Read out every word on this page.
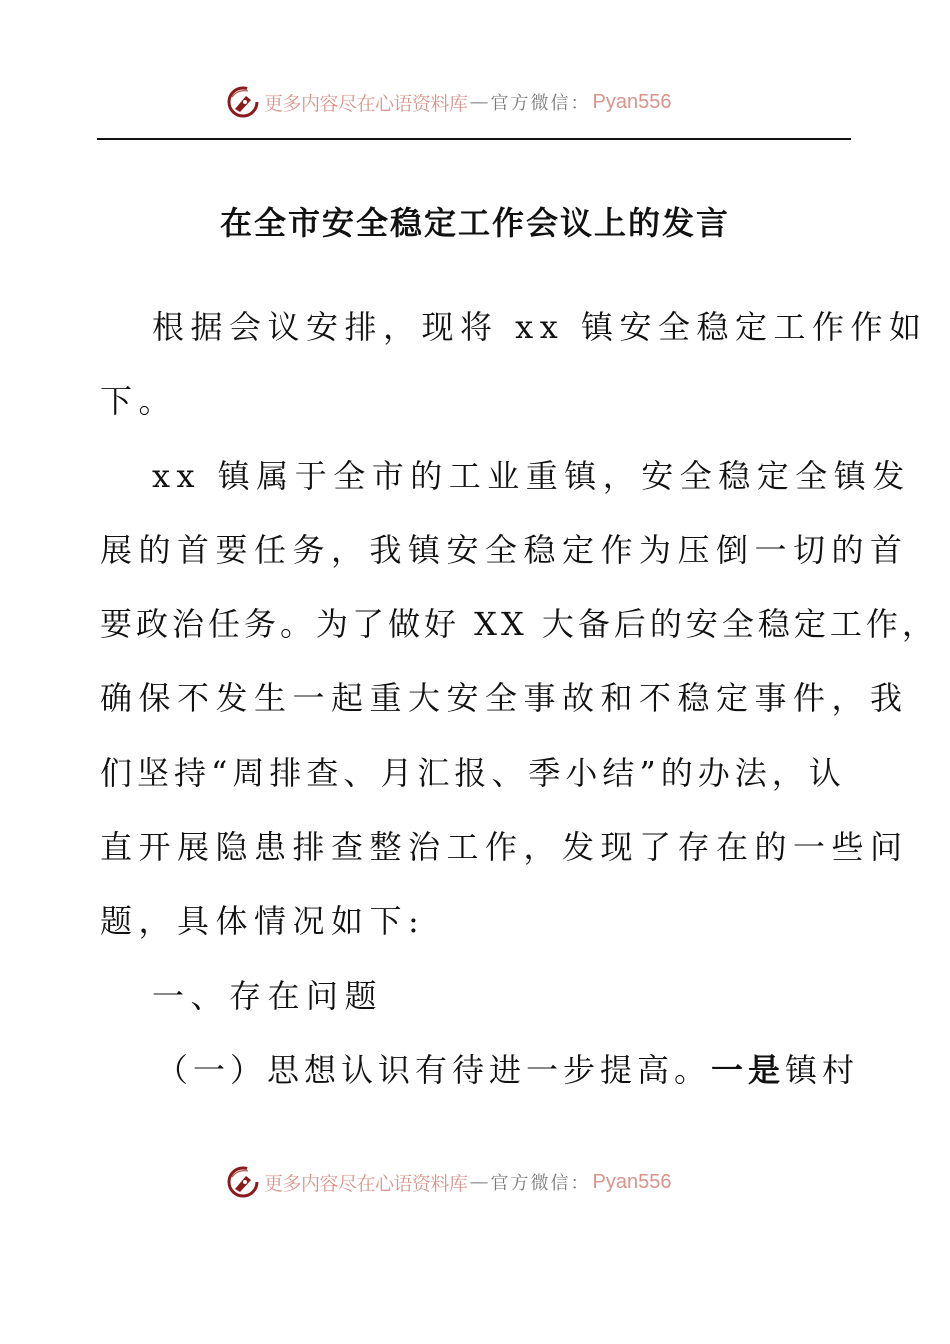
更多内容尽在心语资料库 — 官方微信： Pyan556
在全市安全稳定工作会议上的发言
根据会议安排，现将 xx 镇安全稳定工作作如
下。
xx 镇属于全市的工业重镇，安全稳定全镇发
展的首要任务，我镇安全稳定作为压倒一切的首
要政治任务。为了做好 XX 大备后的安全稳定工作，
确保不发生一起重大安全事故和不稳定事件，我
们坚持“周排查、月汇报、季小结”的办法，认
直开展隐患排查整治工作，发现了存在的一些问
题，具体情况如下:
一、存在问题
（一）思想认识有待进一步提高。一是镇村
更多内容尽在心语资料库 — 官方微信： Pyan556
